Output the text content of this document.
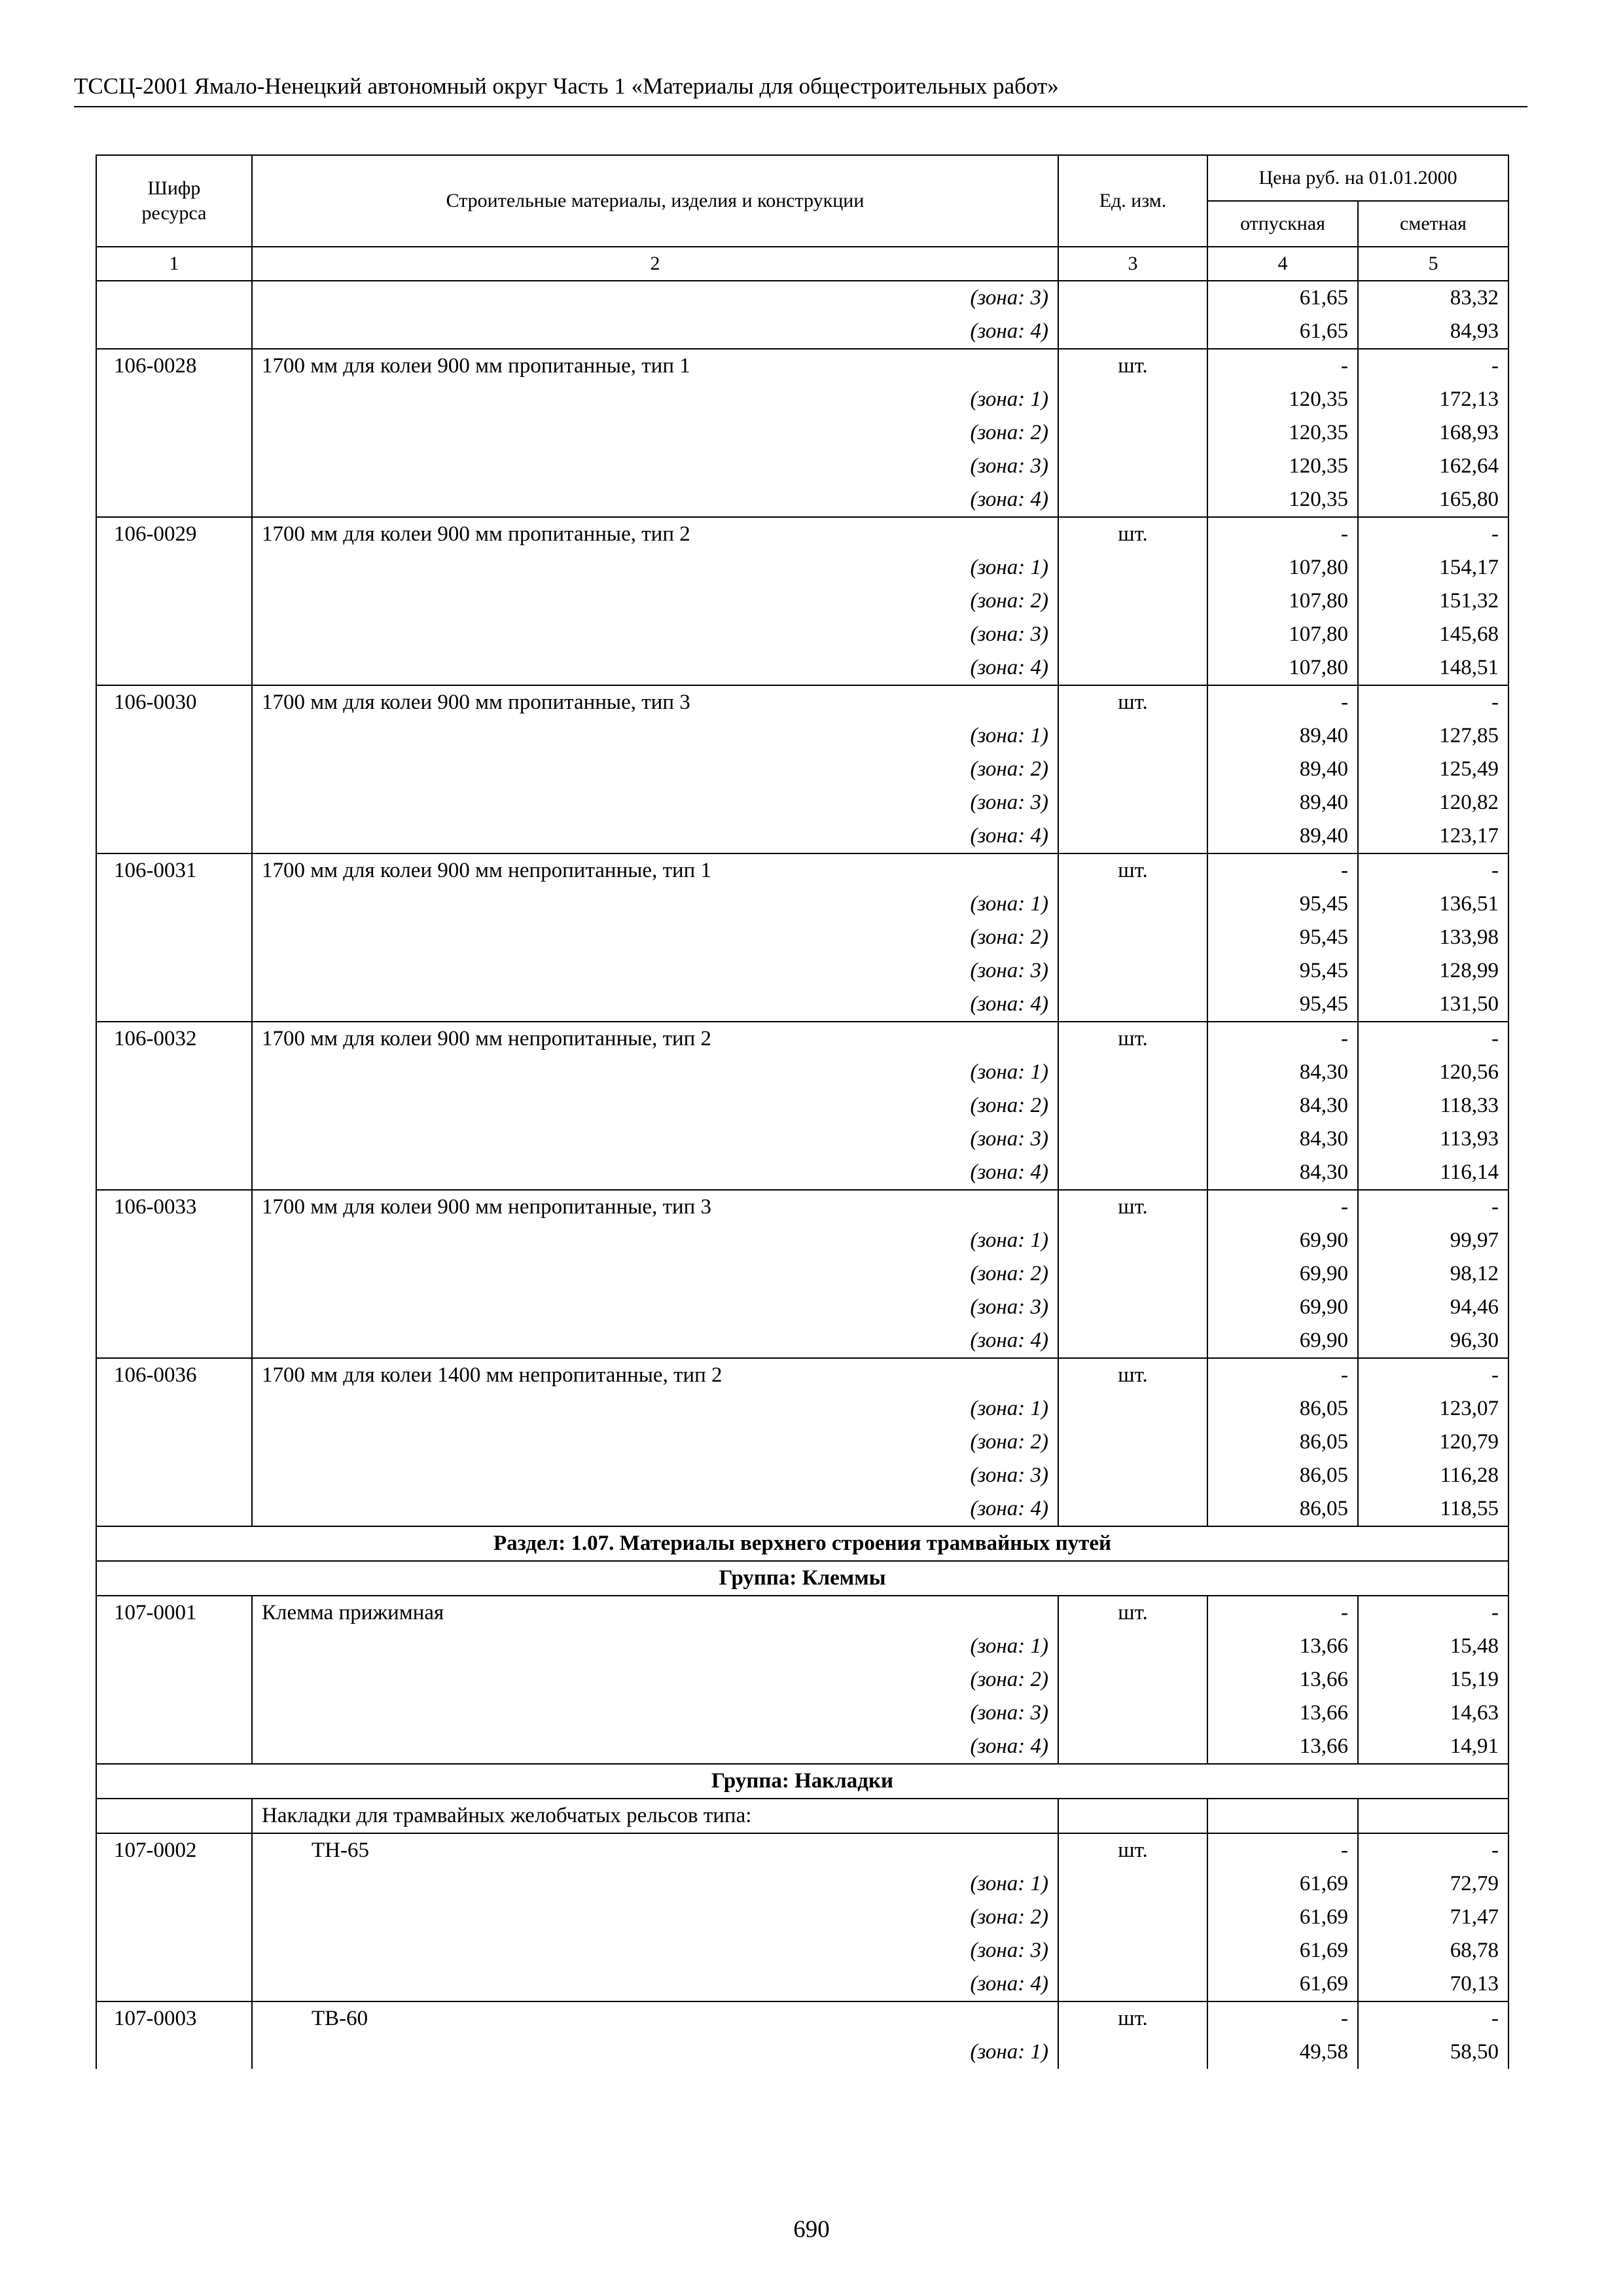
ТССЦ-2001 Ямало-Ненецкий автономный округ Часть 1 «Материалы для общестроительных работ»
Шифр ресурса	Строительные материалы, изделия и конструкции	Ед. изм.	Цена руб. на 01.01.2000	
			отпускная	сметная
1	2	3	4	5
	(зона: 3)		61,65	83,32
	(зона: 4)		61,65	84,93
106-0028	1700 мм для колеи 900 мм пропитанные, тип 1	шт.	-	-
	(зона: 1)		120,35	172,13
	(зона: 2)		120,35	168,93
	(зона: 3)		120,35	162,64
	(зона: 4)		120,35	165,80
106-0029	1700 мм для колеи 900 мм пропитанные, тип 2	шт.	-	-
	(зона: 1)		107,80	154,17
	(зона: 2)		107,80	151,32
	(зона: 3)		107,80	145,68
	(зона: 4)		107,80	148,51
106-0030	1700 мм для колеи 900 мм пропитанные, тип 3	шт.	-	-
	(зона: 1)		89,40	127,85
	(зона: 2)		89,40	125,49
	(зона: 3)		89,40	120,82
	(зона: 4)		89,40	123,17
106-0031	1700 мм для колеи 900 мм непропитанные, тип 1	шт.	-	-
	(зона: 1)		95,45	136,51
	(зона: 2)		95,45	133,98
	(зона: 3)		95,45	128,99
	(зона: 4)		95,45	131,50
106-0032	1700 мм для колеи 900 мм непропитанные, тип 2	шт.	-	-
	(зона: 1)		84,30	120,56
	(зона: 2)		84,30	118,33
	(зона: 3)		84,30	113,93
	(зона: 4)		84,30	116,14
106-0033	1700 мм для колеи 900 мм непропитанные, тип 3	шт.	-	-
	(зона: 1)		69,90	99,97
	(зона: 2)		69,90	98,12
	(зона: 3)		69,90	94,46
	(зона: 4)		69,90	96,30
106-0036	1700 мм для колеи 1400 мм непропитанные, тип 2	шт.	-	-
	(зона: 1)		86,05	123,07
	(зона: 2)		86,05	120,79
	(зона: 3)		86,05	116,28
	(зона: 4)		86,05	118,55
Раздел: 1.07. Материалы верхнего строения трамвайных путей				
Группа: Клеммы				
107-0001	Клемма прижимная	шт.	-	-
	(зона: 1)		13,66	15,48
	(зона: 2)		13,66	15,19
	(зона: 3)		13,66	14,63
	(зона: 4)		13,66	14,91
Группа: Накладки				
	Накладки для трамвайных желобчатых рельсов типа:			
107-0002	ТН-65	шт.	-	-
	(зона: 1)		61,69	72,79
	(зона: 2)		61,69	71,47
	(зона: 3)		61,69	68,78
	(зона: 4)		61,69	70,13
107-0003	ТВ-60	шт.	-	-
	(зона: 1)		49,58	58,50
690
